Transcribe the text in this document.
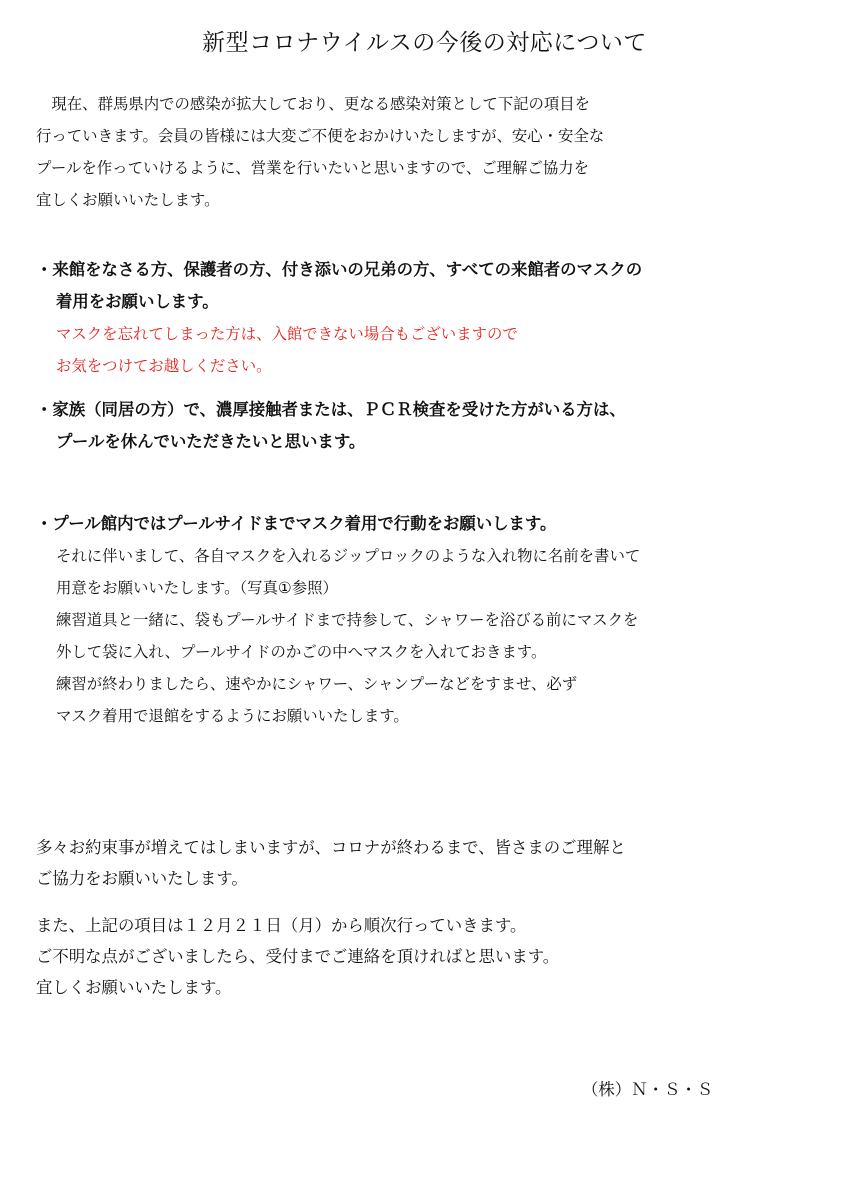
新型コロナウイルスの今後の対応について
　現在、群馬県内での感染が拡大しており、更なる感染対策として下記の項目を
行っていきます。会員の皆様には大変ご不便をおかけいたしますが、安心・安全な
プールを作っていけるように、営業を行いたいと思いますので、ご理解ご協力を
宜しくお願いいたします。
・来館をなさる方、保護者の方、付き添いの兄弟の方、すべての来館者のマスクの
着用をお願いします。
マスクを忘れてしまった方は、入館できない場合もございますので
お気をつけてお越しください。
・家族（同居の方）で、濃厚接触者または、ＰＣＲ検査を受けた方がいる方は、
プールを休んでいただきたいと思います。
・プール館内ではプールサイドまでマスク着用で行動をお願いします。
それに伴いまして、各自マスクを入れるジップロックのような入れ物に名前を書いて
用意をお願いいたします。（写真①参照）
練習道具と一緒に、袋もプールサイドまで持参して、シャワーを浴びる前にマスクを
外して袋に入れ、プールサイドのかごの中へマスクを入れておきます。
練習が終わりましたら、速やかにシャワー、シャンプーなどをすませ、必ず
マスク着用で退館をするようにお願いいたします。
多々お約束事が増えてはしまいますが、コロナが終わるまで、皆さまのご理解と
ご協力をお願いいたします。
また、上記の項目は１２月２１日（月）から順次行っていきます。
ご不明な点がございましたら、受付までご連絡を頂ければと思います。
宜しくお願いいたします。
（株）Ｎ・Ｓ・Ｓ
